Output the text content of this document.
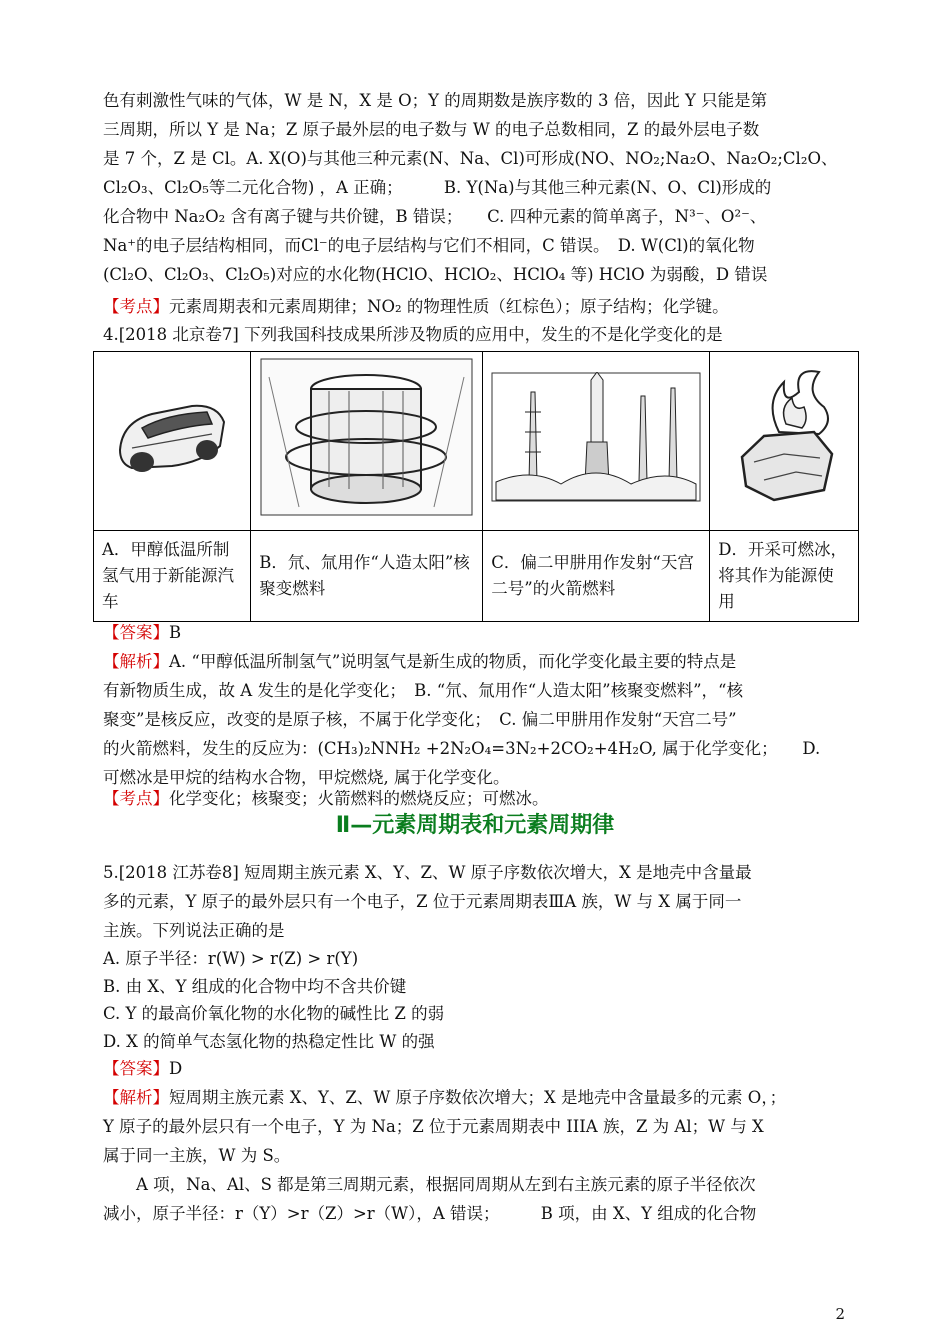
色有刺激性气味的气体，W 是 N，X 是 O；Y 的周期数是族序数的 3 倍，因此 Y 只能是第
三周期，所以 Y 是 Na；Z 原子最外层的电子数与 W 的电子总数相同，Z 的最外层电子数
是 7 个，Z 是 Cl。A. X(O)与其他三种元素(N、Na、Cl)可形成(NO、NO₂;Na₂O、Na₂O₂;Cl₂O、
Cl₂O₃、Cl₂O₅等二元化合物) ，A 正确；　　　B. Y(Na)与其他三种元素(N、O、Cl)形成的
化合物中 Na₂O₂ 含有离子键与共价键，B 错误；　　C. 四种元素的简单离子，N³⁻、O²⁻、
Na⁺的电子层结构相同，而Cl⁻的电子层结构与它们不相同，C 错误。　D. W(Cl)的氧化物
(Cl₂O、Cl₂O₃、Cl₂O₅)对应的水化物(HClO、HClO₂、HClO₄ 等) HClO 为弱酸，D 错误
【考点】元素周期表和元素周期律；NO₂ 的物理性质（红棕色）；原子结构；化学键。
4.[2018 北京卷7] 下列我国科技成果所涉及物质的应用中，发生的不是化学变化的是

A．甲醇低温所制氢气用于新能源汽车	B．氘、氚用作“人造太阳”核聚变燃料	C．偏二甲肼用作发射“天宫二号”的火箭燃料	D．开采可燃冰，将其作为能源使用
【答案】B
【解析】A. “甲醇低温所制氢气”说明氢气是新生成的物质，而化学变化最主要的特点是
有新物质生成，故 A 发生的是化学变化；　B. “氘、氚用作“人造太阳”核聚变燃料”，“核
聚变”是核反应，改变的是原子核，不属于化学变化；　C. 偏二甲肼用作发射“天宫二号”
的火箭燃料，发生的反应为：(CH₃)₂NNH₂ +2N₂O₄=3N₂+2CO₂+4H₂O, 属于化学变化；　　D.
可燃冰是甲烷的结构水合物，甲烷燃烧, 属于化学变化。
【考点】化学变化；核聚变；火箭燃料的燃烧反应；可燃冰。
Ⅱ—元素周期表和元素周期律
5.[2018 江苏卷8] 短周期主族元素 X、Y、Z、W 原子序数依次增大，X 是地壳中含量最
多的元素，Y 原子的最外层只有一个电子，Z 位于元素周期表ⅢA 族，W 与 X 属于同一
主族。下列说法正确的是
A. 原子半径：r(W) > r(Z) > r(Y)
B. 由 X、Y 组成的化合物中均不含共价键
C. Y 的最高价氧化物的水化物的碱性比 Z 的弱
D. X 的简单气态氢化物的热稳定性比 W 的强
【答案】D
【解析】短周期主族元素 X、Y、Z、W 原子序数依次增大；X 是地壳中含量最多的元素 O，；
Y 原子的最外层只有一个电子，Y 为 Na；Z 位于元素周期表中 IIIA 族，Z 为 Al；W 与 X
属于同一主族，W 为 S。
　　A 项，Na、Al、S 都是第三周期元素，根据同周期从左到右主族元素的原子半径依次
减小，原子半径：r（Y）>r（Z）>r（W），A 错误；　　　B 项，由 X、Y 组成的化合物
2
